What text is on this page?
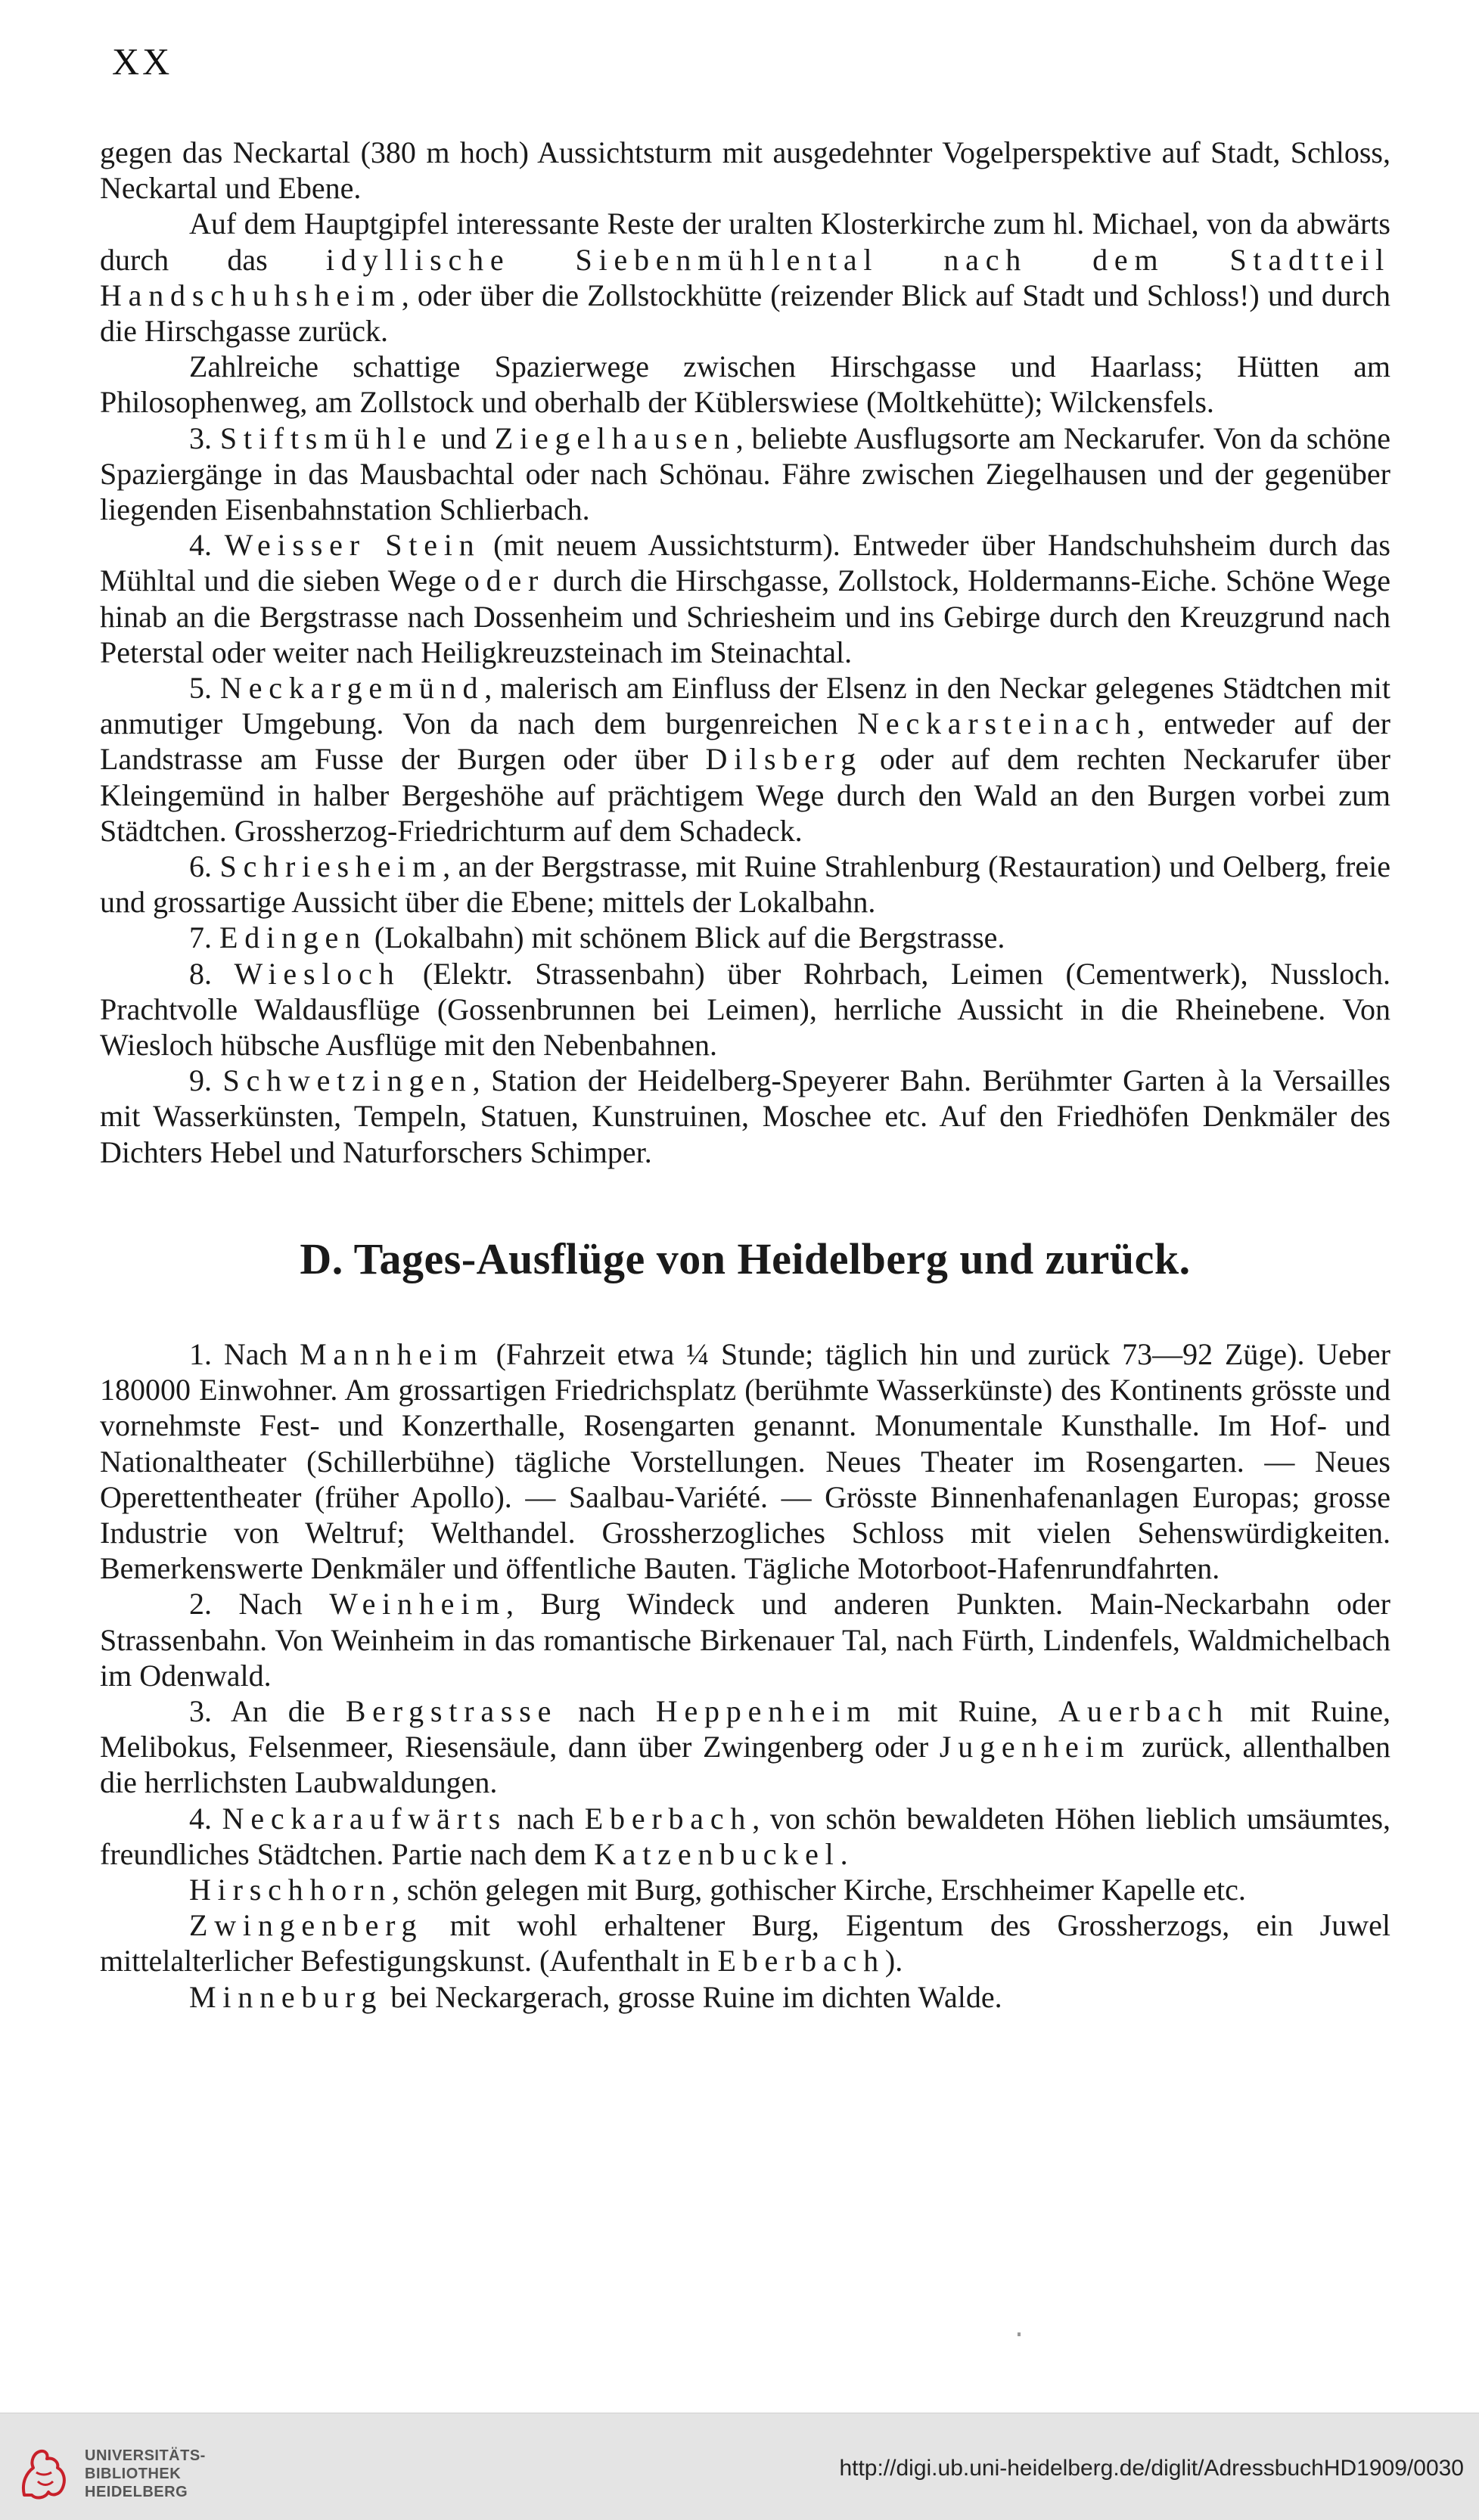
XX

gegen das Neckartal (380 m hoch) Aussichtsturm mit ausgedehnter Vogelperspektive auf Stadt, Schloss, Neckartal und Ebene.

Auf dem Hauptgipfel interessante Reste der uralten Klosterkirche zum hl. Michael, von da abwärts durch das idyllische Siebenmühlental nach dem Stadtteil Handschuhsheim, oder über die Zollstockhütte (reizender Blick auf Stadt und Schloss!) und durch die Hirschgasse zurück.

Zahlreiche schattige Spazierwege zwischen Hirschgasse und Haarlass; Hütten am Philosophenweg, am Zollstock und oberhalb der Küblerswiese (Moltkehütte); Wilckensfels.

3. Stiftsmühle und Ziegelhausen, beliebte Ausflugsorte am Neckarufer. Von da schöne Spaziergänge in das Mausbachtal oder nach Schönau. Fähre zwischen Ziegelhausen und der gegenüber liegenden Eisenbahnstation Schlierbach.

4. Weisser Stein (mit neuem Aussichtsturm). Entweder über Handschuhsheim durch das Mühltal und die sieben Wege oder durch die Hirschgasse, Zollstock, Holdermanns-Eiche. Schöne Wege hinab an die Bergstrasse nach Dossenheim und Schriesheim und ins Gebirge durch den Kreuzgrund nach Peterstal oder weiter nach Heiligkreuzsteinach im Steinachtal.

5. Neckargemünd, malerisch am Einfluss der Elsenz in den Neckar gelegenes Städtchen mit anmutiger Umgebung. Von da nach dem burgenreichen Neckarsteinach, entweder auf der Landstrasse am Fusse der Burgen oder über Dilsberg oder auf dem rechten Neckarufer über Kleingemünd in halber Bergeshöhe auf prächtigem Wege durch den Wald an den Burgen vorbei zum Städtchen. Grossherzog-Friedrichturm auf dem Schadeck.

6. Schriesheim, an der Bergstrasse, mit Ruine Strahlenburg (Restauration) und Oelberg, freie und grossartige Aussicht über die Ebene; mittels der Lokalbahn.

7. Edingen (Lokalbahn) mit schönem Blick auf die Bergstrasse.

8. Wiesloch (Elektr. Strassenbahn) über Rohrbach, Leimen (Cementwerk), Nussloch. Prachtvolle Waldausflüge (Gossenbrunnen bei Leimen), herrliche Aussicht in die Rheinebene. Von Wiesloch hübsche Ausflüge mit den Nebenbahnen.

9. Schwetzingen, Station der Heidelberg-Speyerer Bahn. Berühmter Garten à la Versailles mit Wasserkünsten, Tempeln, Statuen, Kunstruinen, Moschee etc. Auf den Friedhöfen Denkmäler des Dichters Hebel und Naturforschers Schimper.

D. Tages-Ausflüge von Heidelberg und zurück.

1. Nach Mannheim (Fahrzeit etwa ¼ Stunde; täglich hin und zurück 73—92 Züge). Ueber 180000 Einwohner. Am grossartigen Friedrichsplatz (berühmte Wasserkünste) des Kontinents grösste und vornehmste Fest- und Konzerthalle, Rosengarten genannt. Monumentale Kunsthalle. Im Hof- und Nationaltheater (Schillerbühne) tägliche Vorstellungen. Neues Theater im Rosengarten. — Neues Operettentheater (früher Apollo). — Saalbau-Variété. — Grösste Binnenhafenanlagen Europas; grosse Industrie von Weltruf; Welthandel. Grossherzogliches Schloss mit vielen Sehenswürdigkeiten. Bemerkenswerte Denkmäler und öffentliche Bauten. Tägliche Motorboot-Hafenrundfahrten.

2. Nach Weinheim, Burg Windeck und anderen Punkten. Main-Neckarbahn oder Strassenbahn. Von Weinheim in das romantische Birkenauer Tal, nach Fürth, Lindenfels, Waldmichelbach im Odenwald.

3. An die Bergstrasse nach Heppenheim mit Ruine, Auerbach mit Ruine, Melibokus, Felsenmeer, Riesensäule, dann über Zwingenberg oder Jugenheim zurück, allenthalben die herrlichsten Laubwaldungen.

4. Neckaraufwärts nach Eberbach, von schön bewaldeten Höhen lieblich umsäumtes, freundliches Städtchen. Partie nach dem Katzenbuckel.

Hirschhorn, schön gelegen mit Burg, gothischer Kirche, Erschheimer Kapelle etc.

Zwingenberg mit wohl erhaltener Burg, Eigentum des Grossherzogs, ein Juwel mittelalterlicher Befestigungskunst. (Aufenthalt in Eberbach).

Minneburg bei Neckargerach, grosse Ruine im dichten Walde.

UNIVERSITÄTS-
BIBLIOTHEK
HEIDELBERG
http://digi.ub.uni-heidelberg.de/diglit/AdressbuchHD1909/0030
